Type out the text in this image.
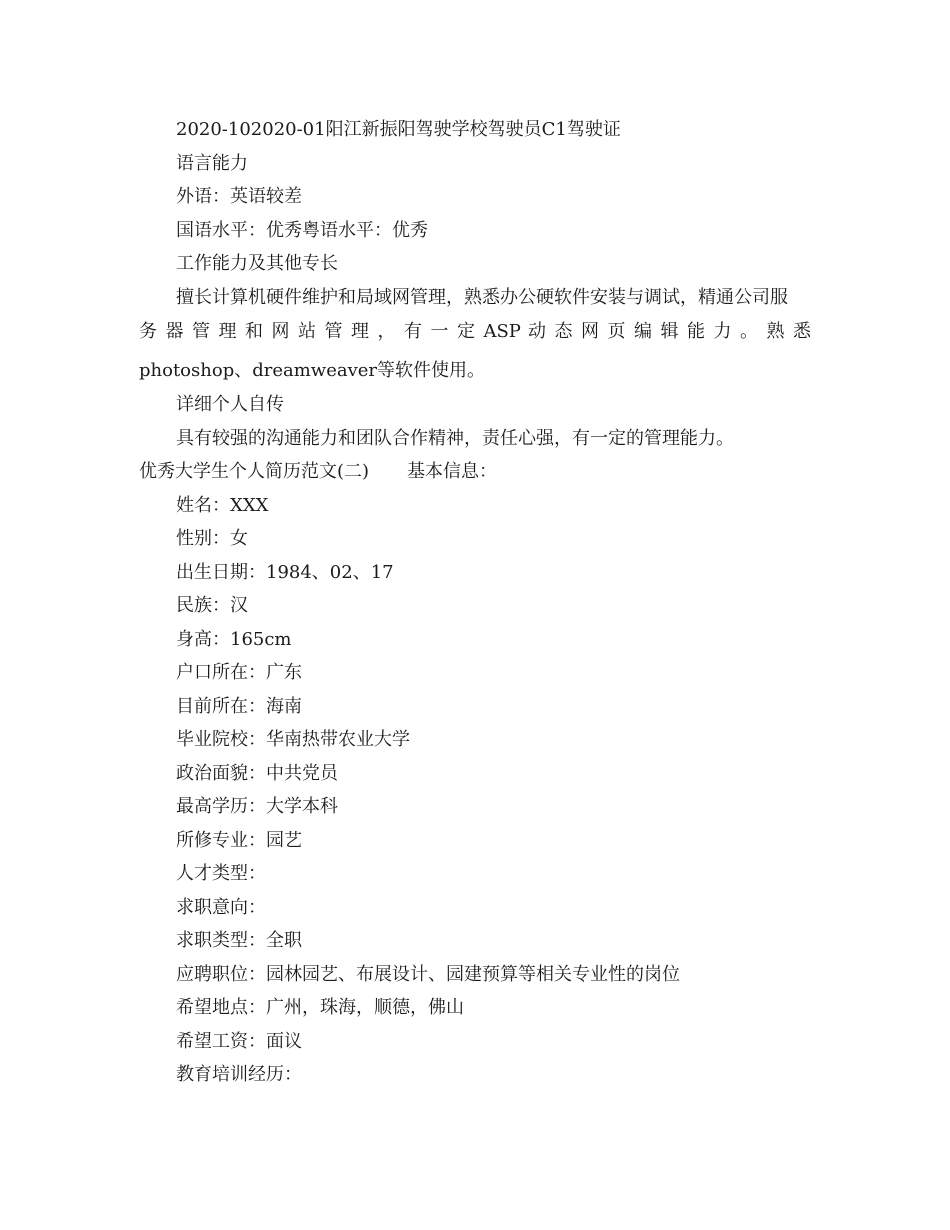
2020-102020-01阳江新振阳驾驶学校驾驶员C1驾驶证
语言能力
外语：英语较差
国语水平：优秀粤语水平：优秀
工作能力及其他专长
擅长计算机硬件维护和局域网管理，熟悉办公硬软件安装与调试，精通公司服
务 器 管 理 和 网 站 管 理 ， 有 一 定 ASP 动 态 网 页 编 辑 能 力 。 熟 悉
photoshop、dreamweaver等软件使用。
详细个人自传
具有较强的沟通能力和团队合作精神，责任心强，有一定的管理能力。
优秀大学生个人简历范文(二) 基本信息：
姓名：XXX
性别：女
出生日期：1984、02、17
民族：汉
身高：165cm
户口所在：广东
目前所在：海南
毕业院校：华南热带农业大学
政治面貌：中共党员
最高学历：大学本科
所修专业：园艺
人才类型：
求职意向：
求职类型：全职
应聘职位：园林园艺、布展设计、园建预算等相关专业性的岗位
希望地点：广州，珠海，顺德，佛山
希望工资：面议
教育培训经历：
